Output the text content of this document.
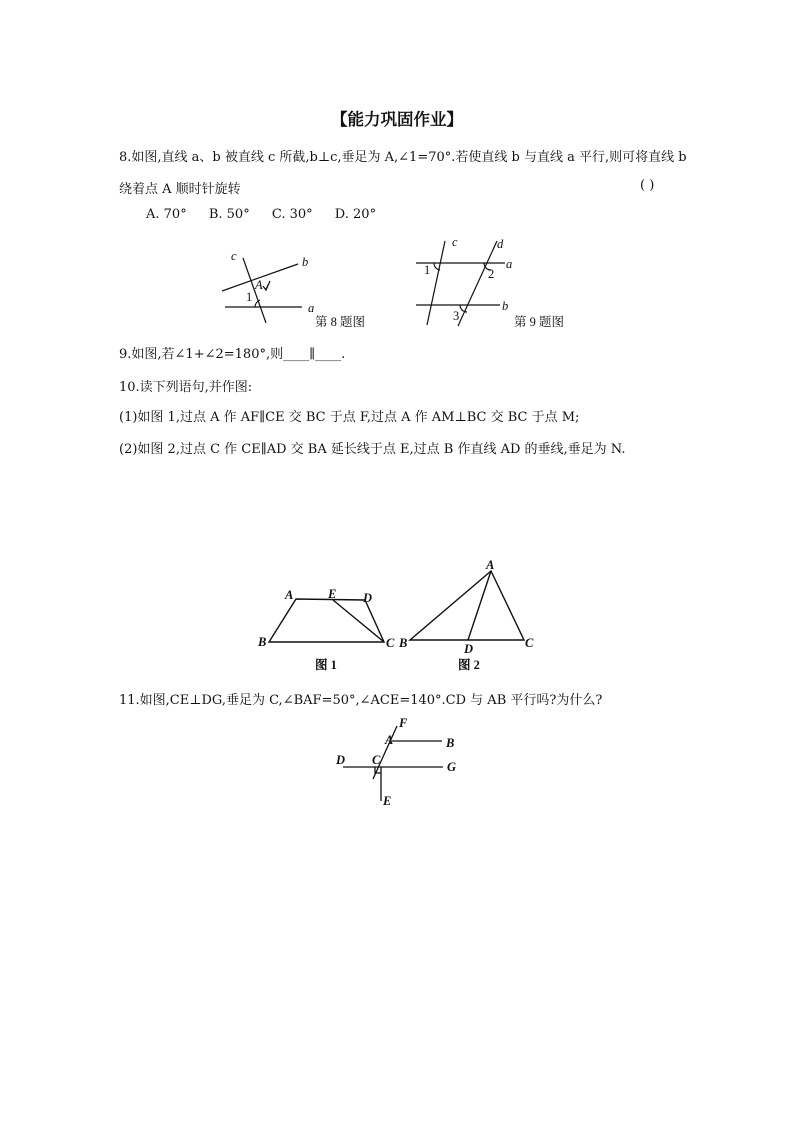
【能力巩固作业】
8.如图,直线 a、b 被直线 c 所截,b⊥c,垂足为 A,∠1=70°.若使直线 b 与直线 a 平行,则可将直线 b
绕着点 A 顺时针旋转	( )
A. 70° B. 50° C. 30° D. 20°
c	b
a
A
1
第 8 题图
c	d
a
b
1	2
3	第 9 题图
A	E D
B	C
图 1
A
B	D	C
图 2
F
A	B
D C	G
E
9.如图,若∠1+∠2=180°,则____∥____.
10.读下列语句,并作图:
(1)如图 1,过点 A 作 AF∥CE 交 BC 于点 F,过点 A 作 AM⊥BC 交 BC 于点 M;
(2)如图 2,过点 C 作 CE∥AD 交 BA 延长线于点 E,过点 B 作直线 AD 的垂线,垂足为 N.
11.如图,CE⊥DG,垂足为 C,∠BAF=50°,∠ACE=140°.CD 与 AB 平行吗?为什么?
